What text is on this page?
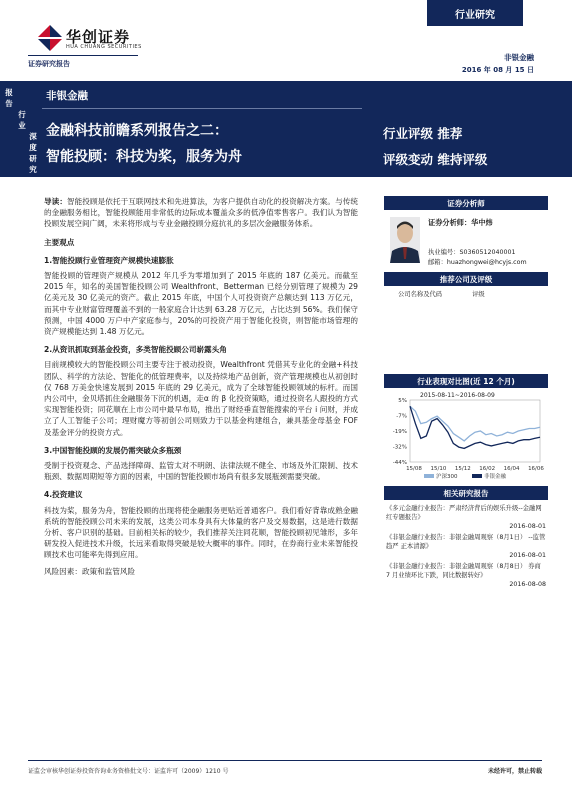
华创证券
HUA CHUANG SECURITIES
证券研究报告
行业研究
非银金融
2016 年 08 月 15 日
报
告
行
业
深
度
研
究
非银金融
金融科技前瞻系列报告之二：
智能投顾：科技为桨，服务为舟
行业评级 推荐
评级变动 维持评级

导读：智能投顾是依托于互联网技术和先进算法，为客户提供自动化的投资解决方案。与传统的金融服务相比，智能投顾能用非常低的边际成本覆盖众多的低净值零售客户。我们认为智能投顾发展空间广阔，未来将形成与专业金融投顾分庭抗礼的多层次金融服务体系。

主要观点
1.智能投顾行业管理资产规模快速膨胀

智能投顾的管理资产规模从 2012 年几乎为零增加到了 2015 年底的 187 亿美元。而截至 2015 年，知名的美国智能投顾公司 Wealthfront、Betterman 已经分别管理了规模为 29 亿美元及 30 亿美元的资产。截止 2015 年底，中国个人可投资资产总额达到 113 万亿元，而其中专业财富管理覆盖不到的一般家庭合计达到 63.28 万亿元，占比达到 56%。我们保守预测，中国 4000 万户中产家庭参与，20%的可投资产用于智能化投资，则智能市场管理的资产规模能达到 1.48 万亿元。

2.从资讯抓取到基金投资，多类智能投顾公司崭露头角

目前规模较大的智能投顾公司主要专注于被动投资，Wealthfront 凭借其专业化的金融+科技团队、科学的方法论、智能化的低管理费率，以及持续地产品创新，资产管理规模也从初创时仅 768 万美金快速发展到 2015 年底的 29 亿美元，成为了全球智能投顾领域的标杆。而国内公司中，金贝塔抓住金融服务下沉的机遇，走α 的 β 化投资策略，通过投资名人跟投的方式实现智能投资；同花顺在上市公司中最早布局，推出了财经垂直智能搜索的平台 i 问财，并成立了人工智能子公司；理财魔方等初创公司则致力于以基金构建组合，兼具基金母基金 FOF 及基金评分的投资方式。

3.中国智能投顾的发展仍需突破众多瓶颈

受制于投资观念、产品选择障碍、监管太对不明朗、法律法规不健全、市场及外汇限制、技术瓶颈、数据周期短等方面的因素，中国的智能投顾市场尚有很多发展瓶颈需要突破。

4.投资建议

科技为桨，服务为舟，智能投顾的出现将使金融服务更贴近普通客户。我们看好背靠成熟金融系统的智能投顾公司未来的发展，这类公司本身具有大体量的客户及交易数据，这是进行数据分析、客户识别的基础。目前相关标的较少，我们推荐关注同花顺，智能投顾初见雏形，多年研发投入促进技术升级，长远来看取得突破是较大概率的事件。同时，在券商行业未来智能投顾技术也可能率先得到应用。

风险因素：政策和监管风险

证券分析师
证券分析师：华中炜
执业编号：S0360512040001
邮箱：huazhongwei@hcyjs.com
推荐公司及评级
公司名称及代码	评级
行业表现对比图(近 12 个月)
2015-08-11~2016-08-09
5%
-7%
-19%
-32%
-44%
15/08 15/10 15/12 16/02 16/04 16/06
沪深300	非银金融
相关研究报告
《多元金融行业报告：严肃经济背后的娱乐升级--金融网红专题报告》
2016-08-01
《非银金融行业报告：非银金融周观察（8月1日） --监管趋严 正本清源》
2016-08-01
《非银金融行业报告：非银金融周观察（8月8日） 券商 7 月业绩环比下跌，同比数据转好》
2016-08-08
证监会审核华创证券投资咨询业务资格批文号：证监许可（2009）1210 号	未经许可，禁止转载
